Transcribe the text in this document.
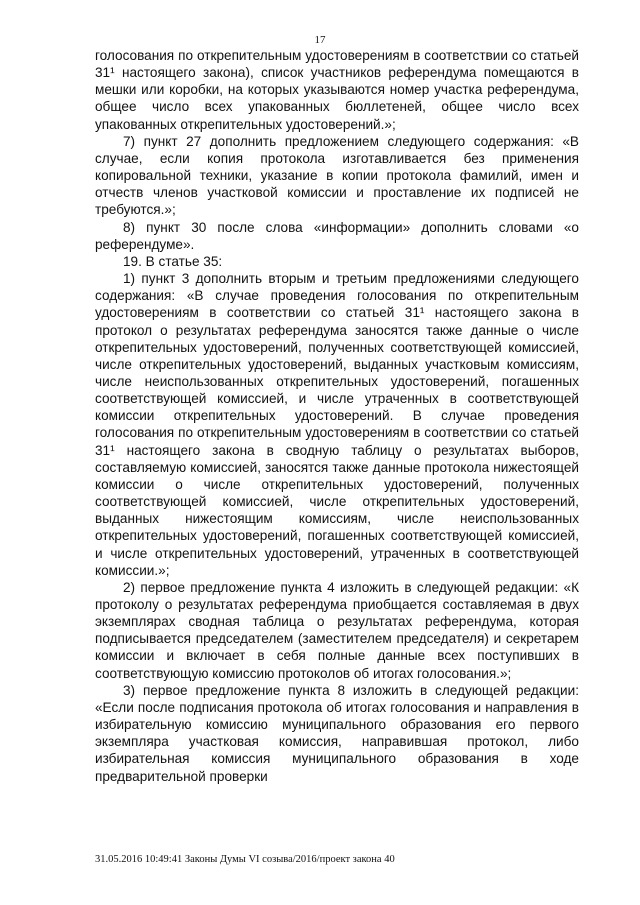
17

голосования по открепительным удостоверениям в соответствии со статьей 31¹ настоящего закона), список участников референдума помещаются в мешки или коробки, на которых указываются номер участка референдума, общее число всех упакованных бюллетеней, общее число всех упакованных открепительных удостоверений.»;

7) пункт 27 дополнить предложением следующего содержания: «В случае, если копия протокола изготавливается без применения копировальной техники, указание в копии протокола фамилий, имен и отчеств членов участковой комиссии и проставление их подписей не требуются.»;

8) пункт 30 после слова «информации» дополнить словами «о референдуме».

19. В статье 35:

1) пункт 3 дополнить вторым и третьим предложениями следующего содержания: «В случае проведения голосования по открепительным удостоверениям в соответствии со статьей 31¹ настоящего закона в протокол о результатах референдума заносятся также данные о числе открепительных удостоверений, полученных соответствующей комиссией, числе открепительных удостоверений, выданных участковым комиссиям, числе неиспользованных открепительных удостоверений, погашенных соответствующей комиссией, и числе утраченных в соответствующей комиссии открепительных удостоверений. В случае проведения голосования по открепительным удостоверениям в соответствии со статьей 31¹ настоящего закона в сводную таблицу о результатах выборов, составляемую комиссией, заносятся также данные протокола нижестоящей комиссии о числе открепительных удостоверений, полученных соответствующей комиссией, числе открепительных удостоверений, выданных нижестоящим комиссиям, числе неиспользованных открепительных удостоверений, погашенных соответствующей комиссией, и числе открепительных удостоверений, утраченных в соответствующей комиссии.»;

2) первое предложение пункта 4 изложить в следующей редакции: «К протоколу о результатах референдума приобщается составляемая в двух экземплярах сводная таблица о результатах референдума, которая подписывается председателем (заместителем председателя) и секретарем комиссии и включает в себя полные данные всех поступивших в соответствующую комиссию протоколов об итогах голосования.»;

3) первое предложение пункта 8 изложить в следующей редакции: «Если после подписания протокола об итогах голосования и направления в избирательную комиссию муниципального образования его первого экземпляра участковая комиссия, направившая протокол, либо избирательная комиссия муниципального образования в ходе предварительной проверки

31.05.2016 10:49:41 Законы Думы VI созыва/2016/проект закона 40
